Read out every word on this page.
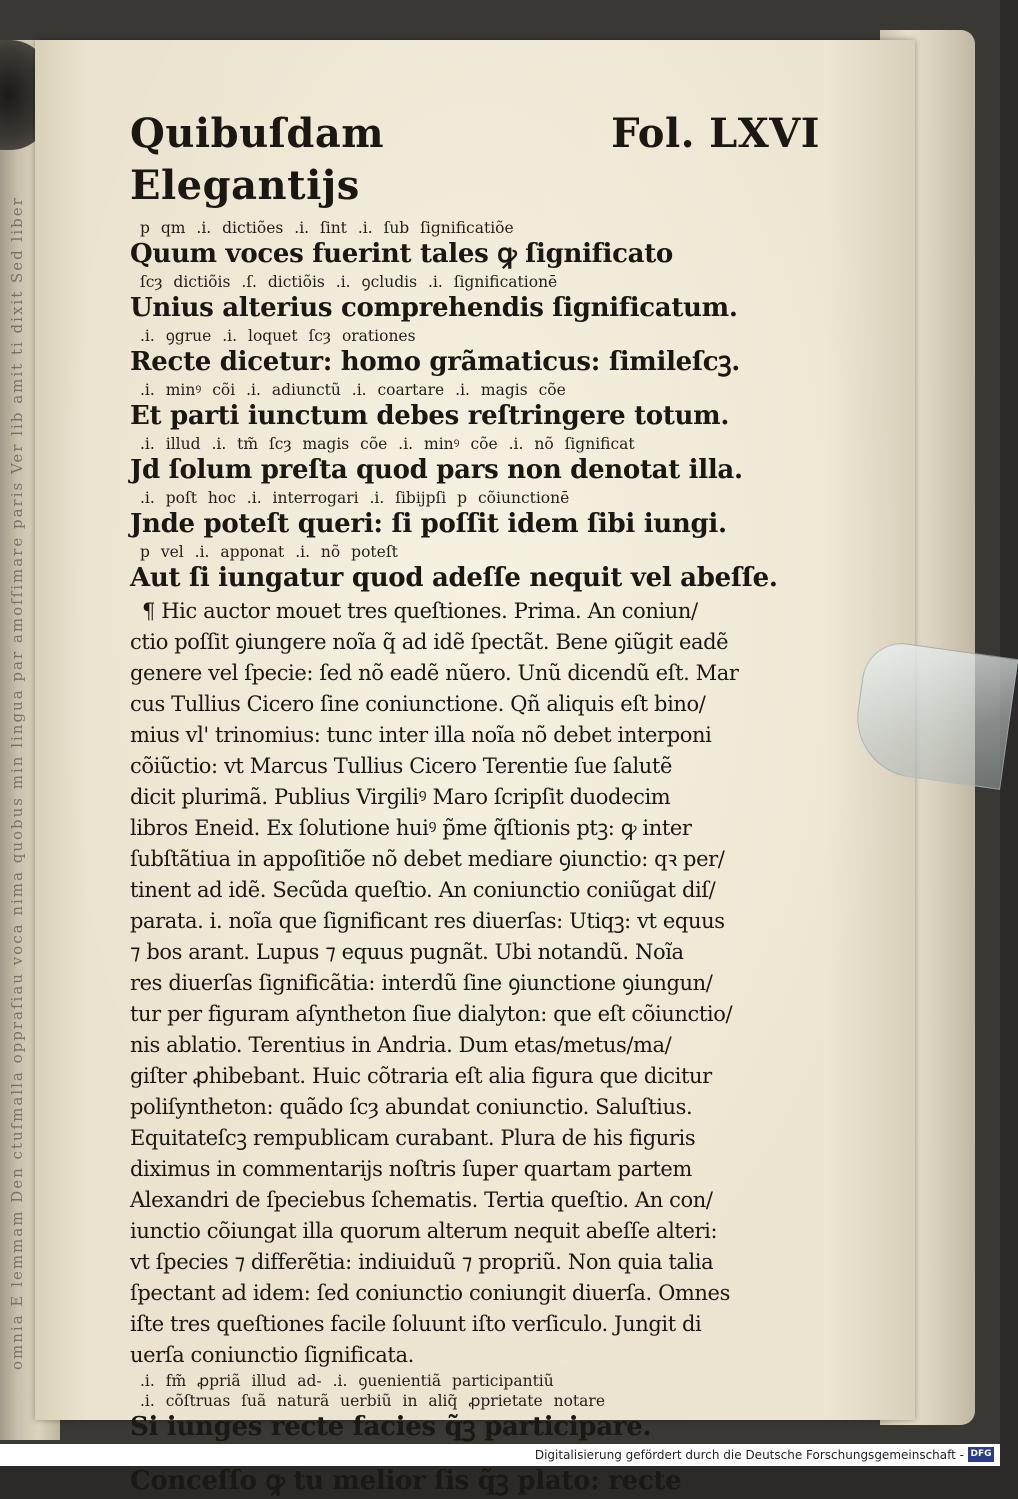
omnia E lemmam Den ctuſmalla oppraſiau voca nima quobus min lingua par amoſſimare paris Ver lib amit ti dixit Sed liber
Quibuſdam Elegantijs
Fol. LXVI
p qm .i. dictiões .i. ſint .i. ſub ſignificatiõe
Quum voces fuerint tales ꝙ ſignificato
ſcȝ dictiõis .ſ. dictiõis .i. ꝯcludis .i. ſignificationē
Unius alterius comprehendis ſignificatum.
.i. ꝯgrue .i. loquet ſcȝ orationes
Recte dicetur: homo grãmaticus: ſimileſcꝫ.
.i. minꝰ cõi .i. adiunctũ .i. coartare .i. magis cõe
Et parti iunctum debes reſtringere totum.
.i. illud .i. tm̃ ſcȝ magis cõe .i. minꝰ cõe .i. nõ ſignificat
Jd ſolum preſta quod pars non denotat illa.
.i. poſt hoc .i. interrogari .i. ſibijpſi p cõiunctionē
Jnde poteſt queri: ſi poſſit idem ſibi iungi.
p vel .i. apponat .i. nõ poteſt
Aut ſi iungatur quod adeſſe nequit vel abeſſe.
¶ Hic auctor mouet tres queſtiones. Prima. An coniun/
ctio poſſit ꝯiungere noĩa q̃ ad idẽ ſpectãt. Bene ꝯiũgit eadẽ
genere vel ſpecie: ſed nõ eadẽ nũero. Unũ dicendũ eſt. Mar
cus Tullius Cicero ſine coniunctione. Qñ aliquis eſt bino/
mius vl' trinomius: tunc inter illa noĩa nõ debet interponi
cõiũctio: vt Marcus Tullius Cicero Terentie ſue ſalutẽ
dicit plurimã. Publius Virgiliꝰ Maro ſcripſit duodecim
libros Eneid. Ex ſolutione huiꝰ p̃me q̃ſtionis ptꝫ: ꝙ inter
ſubſtãtiua in appoſitiõe nõ debet mediare ꝯiunctio: qꝛ per/
tinent ad idẽ. Secũda queſtio. An coniunctio coniũgat diſ/
parata. i. noĩa que ſignificant res diuerſas: Utiqꝫ: vt equus
⁊ bos arant. Lupus ⁊ equus pugnãt. Ubi notandũ. Noĩa
res diuerſas ſignificãtia: interdũ ſine ꝯiunctione ꝯiungun/
tur per figuram aſyntheton ſiue dialyton: que eſt cõiunctio/
nis ablatio. Terentius in Andria. Dum etas/metus/ma/
giſter ꝓhibebant. Huic cõtraria eſt alia figura que dicitur
poliſyntheton: quãdo ſcȝ abundat coniunctio. Saluſtius.
Equitateſcꝫ rempublicam curabant. Plura de his figuris
diximus in commentarijs noſtris ſuper quartam partem
Alexandri de ſpeciebus ſchematis. Tertia queſtio. An con/
iunctio cõiungat illa quorum alterum nequit abeſſe alteri:
vt ſpecies ⁊ differẽtia: indiuiduũ ⁊ propriũ. Non quia talia
ſpectant ad idem: ſed coniunctio coniungit diuerſa. Omnes
iſte tres queſtiones facile ſoluunt iſto verſiculo. Jungit di
uerſa coniunctio ſignificata.
.i. fm̃ ꝓpriã illud ad- .i. ꝯuenientiã participantiũ
.i. cõſtruas ſuã naturã uerbiũ in aliq̃ ꝓprietate notare
Si iunges recte facies q̃ꝫ participare.
Conceſſo ꝙ tu melior ſis q̃ꝫ plato: recte
Digitalisierung gefördert durch die Deutsche Forschungsgemeinschaft - DFG
